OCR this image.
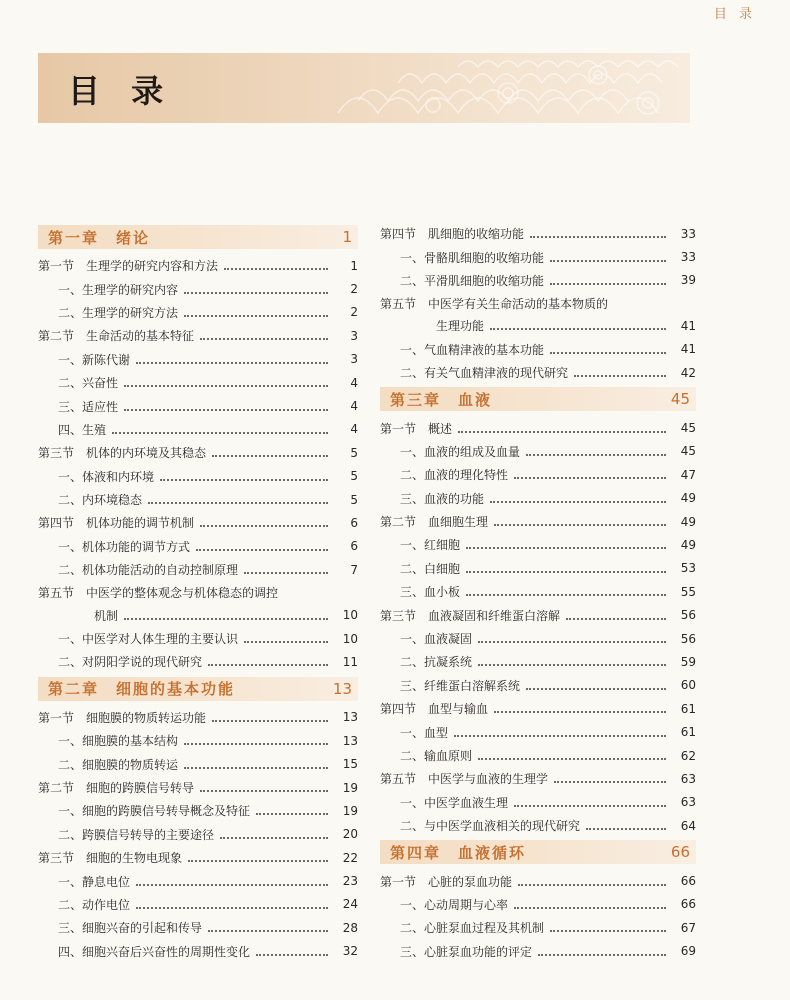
目 录
目 录
第一章　绪论	1
第一节　生理学的研究内容和方法	1
一、生理学的研究内容	2
二、生理学的研究方法	2
第二节　生命活动的基本特征	3
一、新陈代谢	3
二、兴奋性	4
三、适应性	4
四、生殖	4
第三节　机体的内环境及其稳态	5
一、体液和内环境	5
二、内环境稳态	5
第四节　机体功能的调节机制	6
一、机体功能的调节方式	6
二、机体功能活动的自动控制原理	7
第五节　中医学的整体观念与机体稳态的调控
机制	10
一、中医学对人体生理的主要认识	10
二、对阴阳学说的现代研究	11
第二章　细胞的基本功能	13
第一节　细胞膜的物质转运功能	13
一、细胞膜的基本结构	13
二、细胞膜的物质转运	15
第二节　细胞的跨膜信号转导	19
一、细胞的跨膜信号转导概念及特征	19
二、跨膜信号转导的主要途径	20
第三节　细胞的生物电现象	22
一、静息电位	23
二、动作电位	24
三、细胞兴奋的引起和传导	28
四、细胞兴奋后兴奋性的周期性变化	32
第四节　肌细胞的收缩功能	33
一、骨骼肌细胞的收缩功能	33
二、平滑肌细胞的收缩功能	39
第五节　中医学有关生命活动的基本物质的
生理功能	41
一、气血精津液的基本功能	41
二、有关气血精津液的现代研究	42
第三章　血液	45
第一节　概述	45
一、血液的组成及血量	45
二、血液的理化特性	47
三、血液的功能	49
第二节　血细胞生理	49
一、红细胞	49
二、白细胞	53
三、血小板	55
第三节　血液凝固和纤维蛋白溶解	56
一、血液凝固	56
二、抗凝系统	59
三、纤维蛋白溶解系统	60
第四节　血型与输血	61
一、血型	61
二、输血原则	62
第五节　中医学与血液的生理学	63
一、中医学血液生理	63
二、与中医学血液相关的现代研究	64
第四章　血液循环	66
第一节　心脏的泵血功能	66
一、心动周期与心率	66
二、心脏泵血过程及其机制	67
三、心脏泵血功能的评定	69
